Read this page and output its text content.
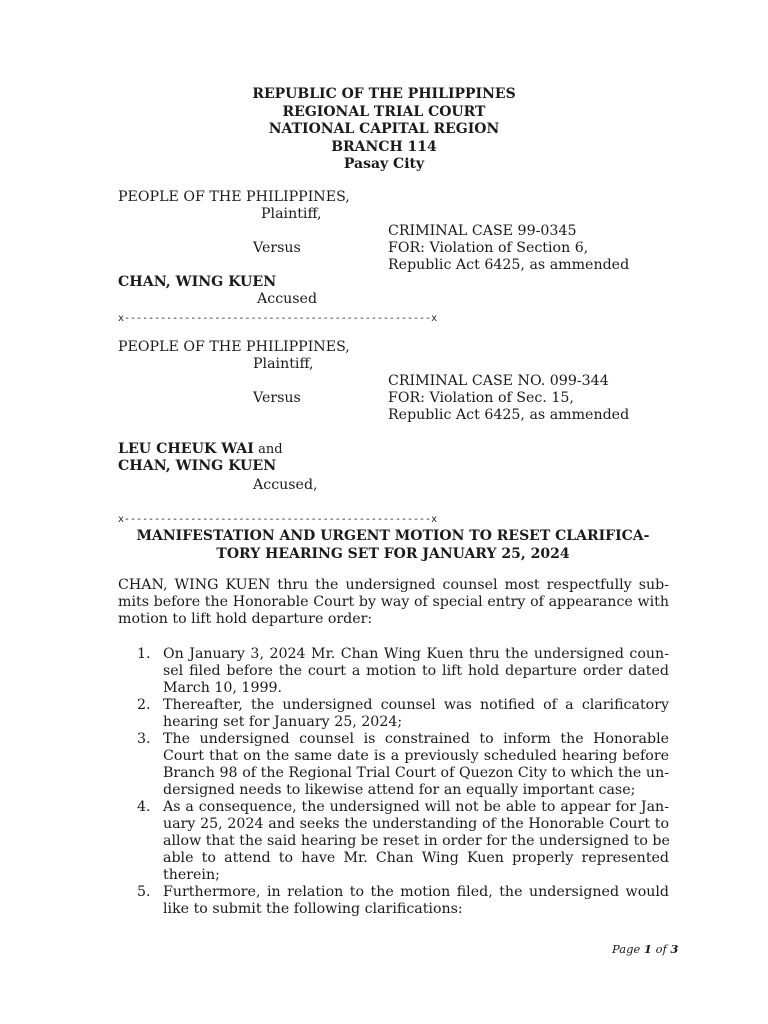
REPUBLIC OF THE PHILIPPINES
REGIONAL TRIAL COURT
NATIONAL CAPITAL REGION
BRANCH 114
Pasay City
PEOPLE OF THE PHILIPPINES,
Plaintiff,
CRIMINAL CASE 99-0345
Versus	FOR: Violation of Section 6,
Republic Act 6425, as ammended
CHAN, WING KUEN
Accused
x---------------------------------------------------x
PEOPLE OF THE PHILIPPINES,
Plaintiff,
CRIMINAL CASE NO. 099-344
Versus	FOR: Violation of Sec. 15,
Republic Act 6425, as ammended
LEU CHEUK WAI and
CHAN, WING KUEN
Accused,
x---------------------------------------------------x
MANIFESTATION AND URGENT MOTION TO RESET CLARIFICA-
TORY HEARING SET FOR JANUARY 25, 2024
CHAN, WING KUEN thru the undersigned counsel most respectfully sub-
mits before the Honorable Court by way of special entry of appearance with
motion to lift hold departure order:
1. On January 3, 2024 Mr. Chan Wing Kuen thru the undersigned coun-
sel filed before the court a motion to lift hold departure order dated
March 10, 1999.
2. Thereafter, the undersigned counsel was notified of a clarificatory
hearing set for January 25, 2024;
3. The undersigned counsel is constrained to inform the Honorable
Court that on the same date is a previously scheduled hearing before
Branch 98 of the Regional Trial Court of Quezon City to which the un-
dersigned needs to likewise attend for an equally important case;
4. As a consequence, the undersigned will not be able to appear for Jan-
uary 25, 2024 and seeks the understanding of the Honorable Court to
allow that the said hearing be reset in order for the undersigned to be
able to attend to have Mr. Chan Wing Kuen properly represented
therein;
5. Furthermore, in relation to the motion filed, the undersigned would
like to submit the following clarifications:
Page 1 of 3
